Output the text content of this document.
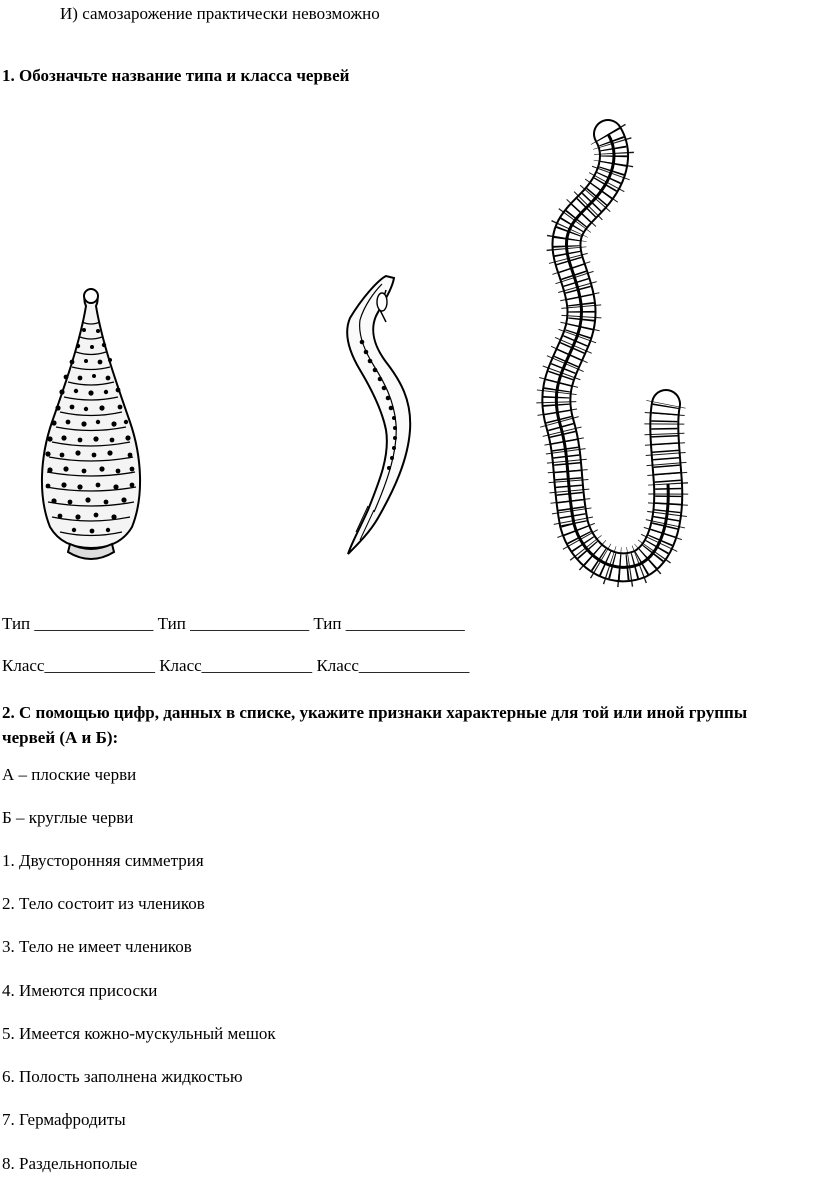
И) самозарожение практически невозможно
1. Обозначьте название типа и класса червей
Тип ______________ Тип ______________ Тип ______________
Класс_____________ Класс_____________ Класс_____________
2. С помощью цифр, данных в списке, укажите признаки характерные для той или иной группы червей (А и Б):
А – плоские черви
Б – круглые черви
1. Двусторонняя симметрия
2. Тело состоит из члеников
3. Тело не имеет члеников
4. Имеются присоски
5. Имеется кожно-мускульный мешок
6. Полость заполнена жидкостью
7. Гермафродиты
8. Раздельнополые
